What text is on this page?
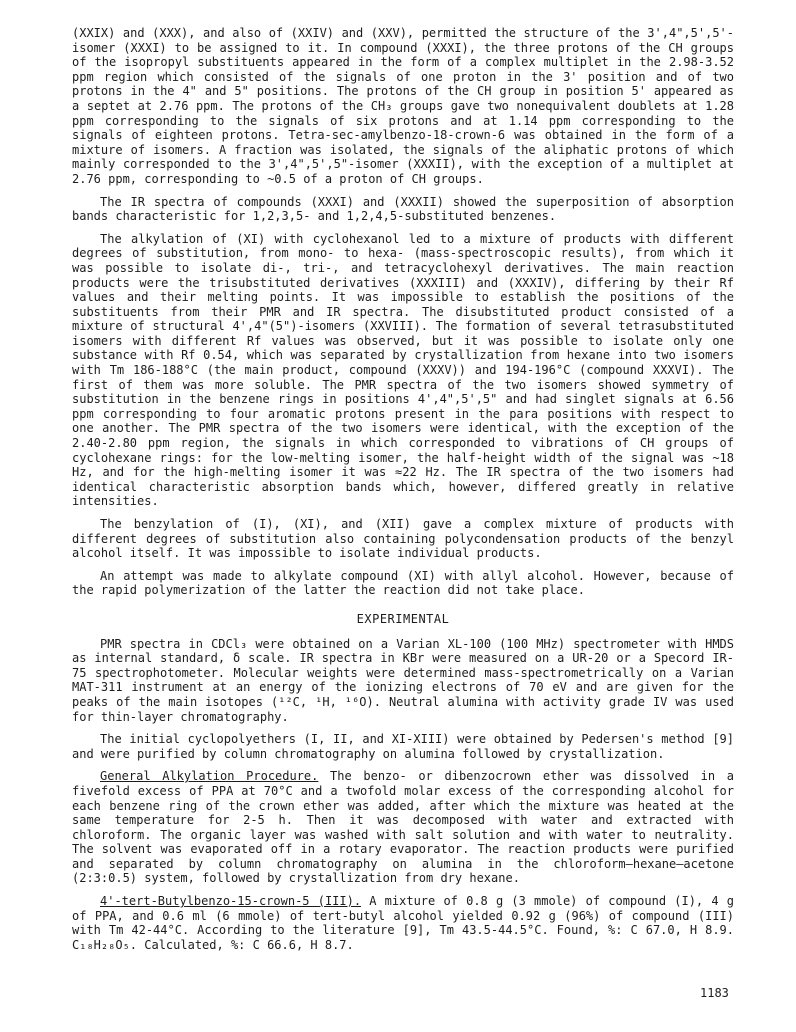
(XXIX) and (XXX), and also of (XXIV) and (XXV), permitted the structure of the 3',4",5',5'-isomer (XXXI) to be assigned to it. In compound (XXXI), the three protons of the CH groups of the isopropyl substituents appeared in the form of a complex multiplet in the 2.98-3.52 ppm region which consisted of the signals of one proton in the 3' position and of two protons in the 4" and 5" positions. The protons of the CH group in position 5' appeared as a septet at 2.76 ppm. The protons of the CH₃ groups gave two nonequivalent doublets at 1.28 ppm corresponding to the signals of six protons and at 1.14 ppm corresponding to the signals of eighteen protons. Tetra-sec-amylbenzo-18-crown-6 was obtained in the form of a mixture of isomers. A fraction was isolated, the signals of the aliphatic protons of which mainly corresponded to the 3',4",5',5"-isomer (XXXII), with the exception of a multiplet at 2.76 ppm, corresponding to ~0.5 of a proton of CH groups.

The IR spectra of compounds (XXXI) and (XXXII) showed the superposition of absorption bands characteristic for 1,2,3,5- and 1,2,4,5-substituted benzenes.

The alkylation of (XI) with cyclohexanol led to a mixture of products with different degrees of substitution, from mono- to hexa- (mass-spectroscopic results), from which it was possible to isolate di-, tri-, and tetracyclohexyl derivatives. The main reaction products were the trisubstituted derivatives (XXXIII) and (XXXIV), differing by their Rf values and their melting points. It was impossible to establish the positions of the substituents from their PMR and IR spectra. The disubstituted product consisted of a mixture of structural 4',4"(5")-isomers (XXVIII). The formation of several tetrasubstituted isomers with different Rf values was observed, but it was possible to isolate only one substance with Rf 0.54, which was separated by crystallization from hexane into two isomers with Tm 186-188°C (the main product, compound (XXXV)) and 194-196°C (compound XXXVI). The first of them was more soluble. The PMR spectra of the two isomers showed symmetry of substitution in the benzene rings in positions 4',4",5',5" and had singlet signals at 6.56 ppm corresponding to four aromatic protons present in the para positions with respect to one another. The PMR spectra of the two isomers were identical, with the exception of the 2.40-2.80 ppm region, the signals in which corresponded to vibrations of CH groups of cyclohexane rings: for the low-melting isomer, the half-height width of the signal was ~18 Hz, and for the high-melting isomer it was ≈22 Hz. The IR spectra of the two isomers had identical characteristic absorption bands which, however, differed greatly in relative intensities.

The benzylation of (I), (XI), and (XII) gave a complex mixture of products with different degrees of substitution also containing polycondensation products of the benzyl alcohol itself. It was impossible to isolate individual products.

An attempt was made to alkylate compound (XI) with allyl alcohol. However, because of the rapid polymerization of the latter the reaction did not take place.

EXPERIMENTAL

PMR spectra in CDCl₃ were obtained on a Varian XL-100 (100 MHz) spectrometer with HMDS as internal standard, δ scale. IR spectra in KBr were measured on a UR-20 or a Specord IR-75 spectrophotometer. Molecular weights were determined mass-spectrometrically on a Varian MAT-311 instrument at an energy of the ionizing electrons of 70 eV and are given for the peaks of the main isotopes (¹²C, ¹H, ¹⁶O). Neutral alumina with activity grade IV was used for thin-layer chromatography.

The initial cyclopolyethers (I, II, and XI-XIII) were obtained by Pedersen's method [9] and were purified by column chromatography on alumina followed by crystallization.

General Alkylation Procedure. The benzo- or dibenzocrown ether was dissolved in a fivefold excess of PPA at 70°C and a twofold molar excess of the corresponding alcohol for each benzene ring of the crown ether was added, after which the mixture was heated at the same temperature for 2-5 h. Then it was decomposed with water and extracted with chloroform. The organic layer was washed with salt solution and with water to neutrality. The solvent was evaporated off in a rotary evaporator. The reaction products were purified and separated by column chromatography on alumina in the chloroform–hexane–acetone (2:3:0.5) system, followed by crystallization from dry hexane.

4'-tert-Butylbenzo-15-crown-5 (III). A mixture of 0.8 g (3 mmole) of compound (I), 4 g of PPA, and 0.6 ml (6 mmole) of tert-butyl alcohol yielded 0.92 g (96%) of compound (III) with Tm 42-44°C. According to the literature [9], Tm 43.5-44.5°C. Found, %: C 67.0, H 8.9. C₁₈H₂₈O₅. Calculated, %: C 66.6, H 8.7.

1183
